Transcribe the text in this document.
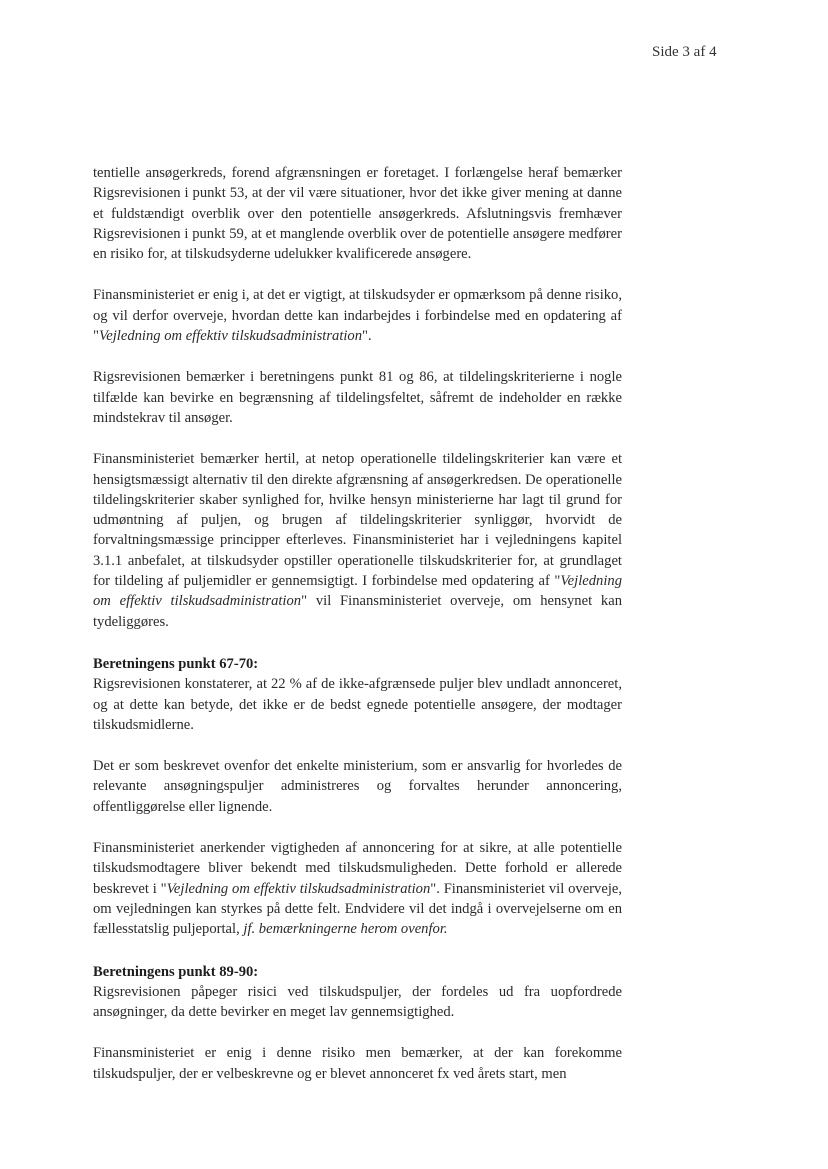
Side 3 af 4

tentielle ansøgerkreds, forend afgrænsningen er foretaget. I forlængelse heraf bemærker Rigsrevisionen i punkt 53, at der vil være situationer, hvor det ikke giver mening at danne et fuldstændigt overblik over den potentielle ansøgerkreds. Afslutningsvis fremhæver Rigsrevisionen i punkt 59, at et manglende overblik over de potentielle ansøgere medfører en risiko for, at tilskudsyderne udelukker kvalificerede ansøgere.

Finansministeriet er enig i, at det er vigtigt, at tilskudsyder er opmærksom på denne risiko, og vil derfor overveje, hvordan dette kan indarbejdes i forbindelse med en opdatering af "Vejledning om effektiv tilskudsadministration".

Rigsrevisionen bemærker i beretningens punkt 81 og 86, at tildelingskriterierne i nogle tilfælde kan bevirke en begrænsning af tildelingsfeltet, såfremt de indeholder en række mindstekrav til ansøger.

Finansministeriet bemærker hertil, at netop operationelle tildelingskriterier kan være et hensigtsmæssigt alternativ til den direkte afgrænsning af ansøgerkredsen. De operationelle tildelingskriterier skaber synlighed for, hvilke hensyn ministerierne har lagt til grund for udmøntning af puljen, og brugen af tildelingskriterier synliggør, hvorvidt de forvaltningsmæssige principper efterleves. Finansministeriet har i vejledningens kapitel 3.1.1 anbefalet, at tilskudsyder opstiller operationelle tilskudskriterier for, at grundlaget for tildeling af puljemidler er gennemsigtigt. I forbindelse med opdatering af "Vejledning om effektiv tilskudsadministration" vil Finansministeriet overveje, om hensynet kan tydeliggøres.

Beretningens punkt 67-70:

Rigsrevisionen konstaterer, at 22 % af de ikke-afgrænsede puljer blev undladt annonceret, og at dette kan betyde, det ikke er de bedst egnede potentielle ansøgere, der modtager tilskudsmidlerne.

Det er som beskrevet ovenfor det enkelte ministerium, som er ansvarlig for hvorledes de relevante ansøgningspuljer administreres og forvaltes herunder annoncering, offentliggørelse eller lignende.

Finansministeriet anerkender vigtigheden af annoncering for at sikre, at alle potentielle tilskudsmodtagere bliver bekendt med tilskudsmuligheden. Dette forhold er allerede beskrevet i "Vejledning om effektiv tilskudsadministration". Finansministeriet vil overveje, om vejledningen kan styrkes på dette felt. Endvidere vil det indgå i overvejelserne om en fællesstatslig puljeportal, jf. bemærkningerne herom ovenfor.

Beretningens punkt 89-90:

Rigsrevisionen påpeger risici ved tilskudspuljer, der fordeles ud fra uopfordrede ansøgninger, da dette bevirker en meget lav gennemsigtighed.

Finansministeriet er enig i denne risiko men bemærker, at der kan forekomme tilskudspuljer, der er velbeskrevne og er blevet annonceret fx ved årets start, men
